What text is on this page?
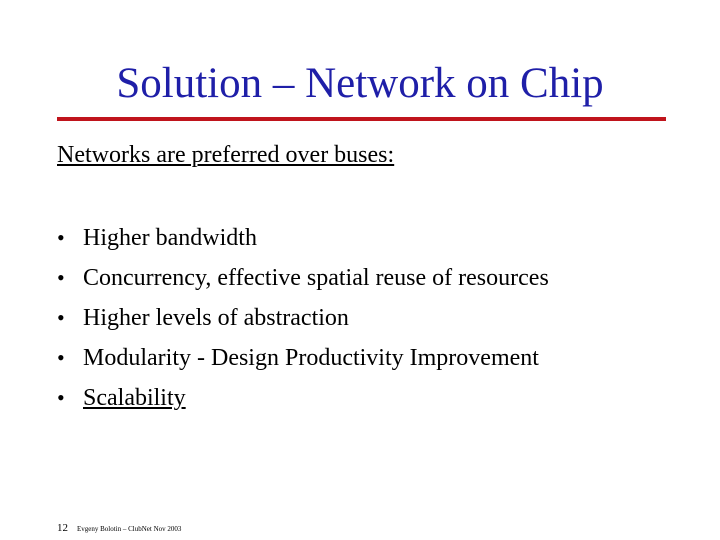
Solution – Network on Chip
Networks are preferred over buses:
• Higher bandwidth
• Concurrency, effective spatial reuse of resources
• Higher levels of abstraction
• Modularity - Design Productivity Improvement
• Scalability
12	Evgeny Bolotin – ClubNet Nov 2003
